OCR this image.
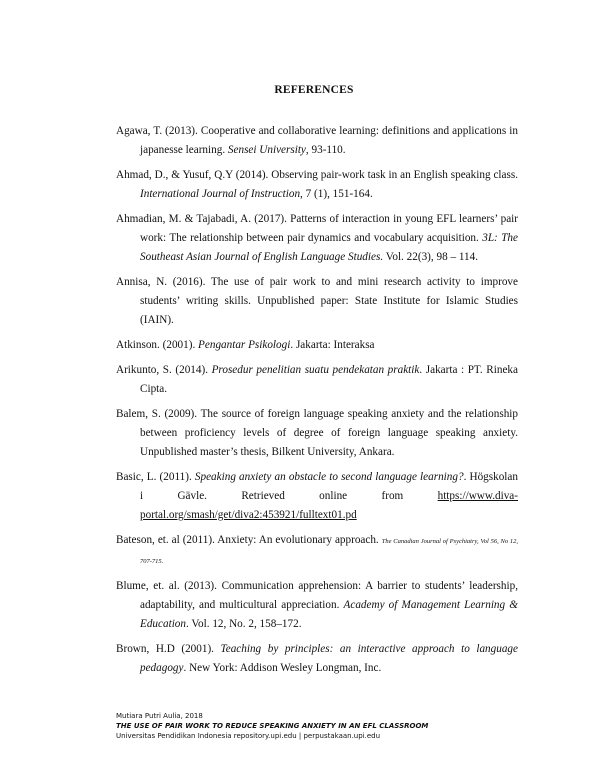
REFERENCES
Agawa, T. (2013). Cooperative and collaborative learning: definitions and applications in japanesse learning. Sensei University, 93-110.
Ahmad, D., & Yusuf, Q.Y (2014). Observing pair-work task in an English speaking class. International Journal of Instruction, 7 (1), 151-164.
Ahmadian, M. & Tajabadi, A. (2017). Patterns of interaction in young EFL learners’ pair work: The relationship between pair dynamics and vocabulary acquisition. 3L: The Southeast Asian Journal of English Language Studies. Vol. 22(3), 98 – 114.
Annisa, N. (2016). The use of pair work to and mini research activity to improve students’ writing skills. Unpublished paper: State Institute for Islamic Studies (IAIN).
Atkinson. (2001). Pengantar Psikologi. Jakarta: Interaksa
Arikunto, S. (2014). Prosedur penelitian suatu pendekatan praktik. Jakarta : PT. Rineka Cipta.
Balem, S. (2009). The source of foreign language speaking anxiety and the relationship between proficiency levels of degree of foreign language speaking anxiety. Unpublished master’s thesis, Bilkent University, Ankara.
Basic, L. (2011). Speaking anxiety an obstacle to second language learning?. Högskolan i Gävle. Retrieved online from https://www.diva-portal.org/smash/get/diva2:453921/fulltext01.pd
Bateson, et. al (2011). Anxiety: An evolutionary approach. The Canadian Journal of Psychiatry, Vol 56, No 12, 707-715.
Blume, et. al. (2013). Communication apprehension: A barrier to students’ leadership, adaptability, and multicultural appreciation. Academy of Management Learning & Education. Vol. 12, No. 2, 158–172.
Brown, H.D (2001). Teaching by principles: an interactive approach to language pedagogy. New York: Addison Wesley Longman, Inc.
Mutiara Putri Aulia, 2018
THE USE OF PAIR WORK TO REDUCE SPEAKING ANXIETY IN AN EFL CLASSROOM
Universitas Pendidikan Indonesia repository.upi.edu | perpustakaan.upi.edu
